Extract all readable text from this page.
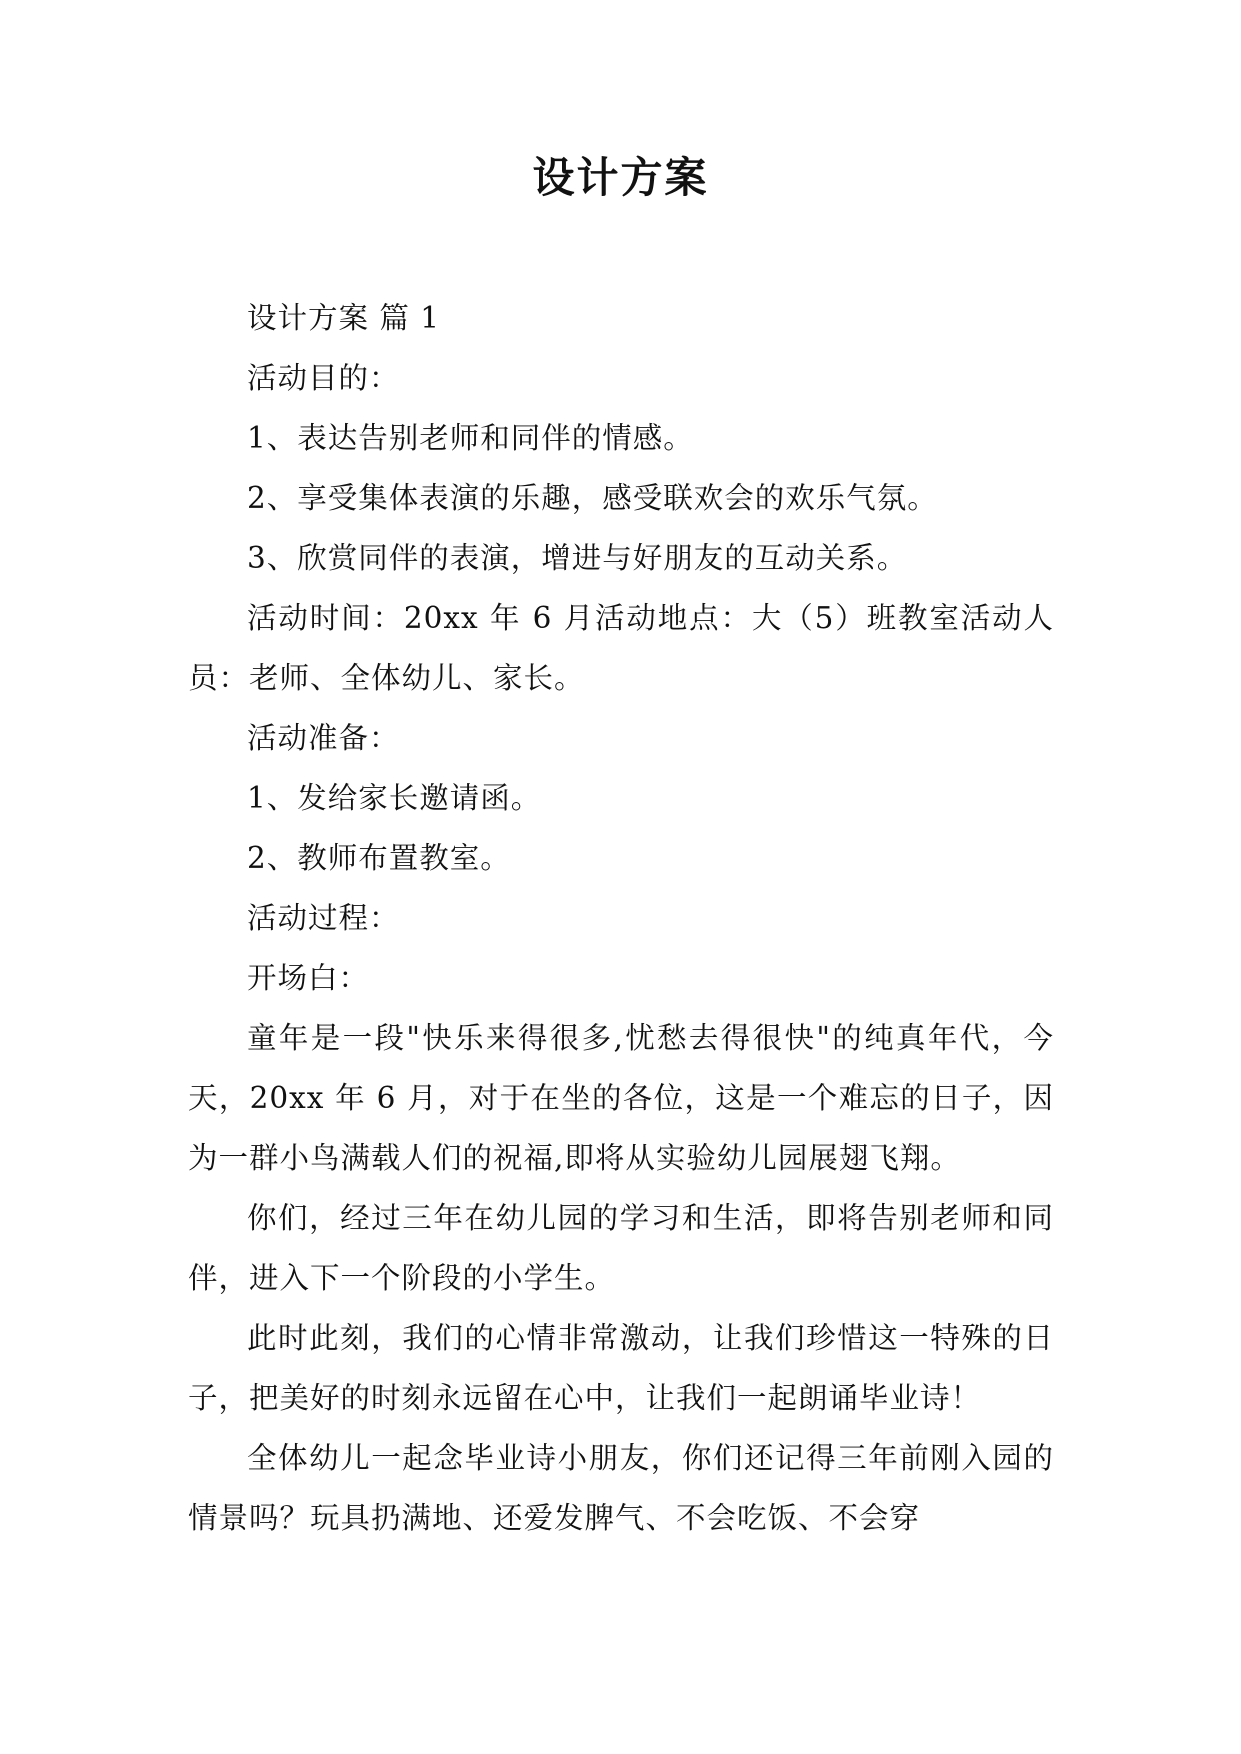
设计方案

设计方案 篇 1

活动目的：

1、表达告别老师和同伴的情感。

2、享受集体表演的乐趣，感受联欢会的欢乐气氛。

3、欣赏同伴的表演，增进与好朋友的互动关系。

活动时间：20xx 年 6 月活动地点：大（5）班教室活动人员：老师、全体幼儿、家长。

活动准备：

1、发给家长邀请函。

2、教师布置教室。

活动过程：

开场白：

童年是一段"快乐来得很多,忧愁去得很快"的纯真年代，今天，20xx 年 6 月，对于在坐的各位，这是一个难忘的日子，因为一群小鸟满载人们的祝福,即将从实验幼儿园展翅飞翔。

你们，经过三年在幼儿园的学习和生活，即将告别老师和同伴，进入下一个阶段的小学生。

此时此刻，我们的心情非常激动，让我们珍惜这一特殊的日子，把美好的时刻永远留在心中，让我们一起朗诵毕业诗！

全体幼儿一起念毕业诗小朋友，你们还记得三年前刚入园的情景吗？玩具扔满地、还爱发脾气、不会吃饭、不会穿
